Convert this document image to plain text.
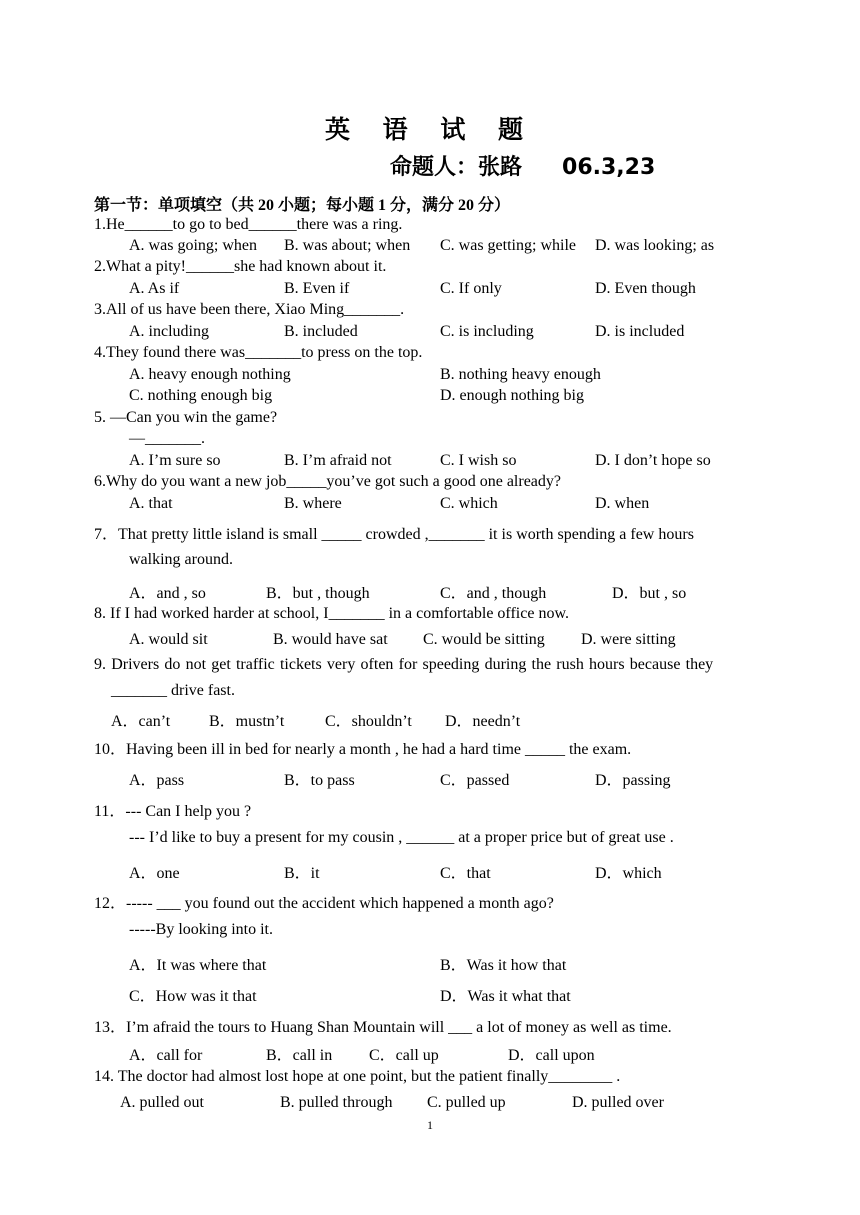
英 语 试 题
命题人：张路 06.3,23
第一节：单项填空（共 20 小题；每小题 1 分，满分 20 分）
1.He______to go to bed______there was a ring.
A. was going; when B. was about; when C. was getting; while D. was looking; as
2.What a pity!______she had known about it.
A. As if	B. Even if	C. If only	D. Even though
3.All of us have been there, Xiao Ming_______.
A. including	B. included	C. is including	D. is included
4.They found there was_______to press on the top.
A. heavy enough nothing	B. nothing heavy enough
C. nothing enough big	D. enough nothing big
5. —Can you win the game?
—_______.
A. I’m sure so	B. I’m afraid not	C. I wish so	D. I don’t hope so
6.Why do you want a new job_____you’ve got such a good one already?
A. that	B. where	C. which	D. when
7．That pretty little island is small _____ crowded ,_______ it is worth spending a few hours
walking around.
A．and , so	B．but , though	C．and , though	D．but , so
8. If I had worked harder at school, I_______ in a comfortable office now.
A. would sit	B. would have sat C. would be sitting D. were sitting
9. Drivers do not get traffic tickets very often for speeding during the rush hours because they
_______ drive fast.
A．can’t B．mustn’t	C．shouldn’t D．needn’t
10．Having been ill in bed for nearly a month , he had a hard time _____ the exam.
A．pass	B．to pass	C．passed	D．passing
11．--- Can I help you ?
--- I’d like to buy a present for my cousin , ______ at a proper price but of great use .
A．one	B．it	C．that	D．which
12．----- ___ you found out the accident which happened a month ago?
-----By looking into it.
A．It was where that	B．Was it how that
C．How was it that	D．Was it what that
13．I’m afraid the tours to Huang Shan Mountain will ___ a lot of money as well as time.
A．call for	B．call in C．call up	D．call upon
14. The doctor had almost lost hope at one point, but the patient finally________ .
A. pulled out	B. pulled through C. pulled up	D. pulled over
1
